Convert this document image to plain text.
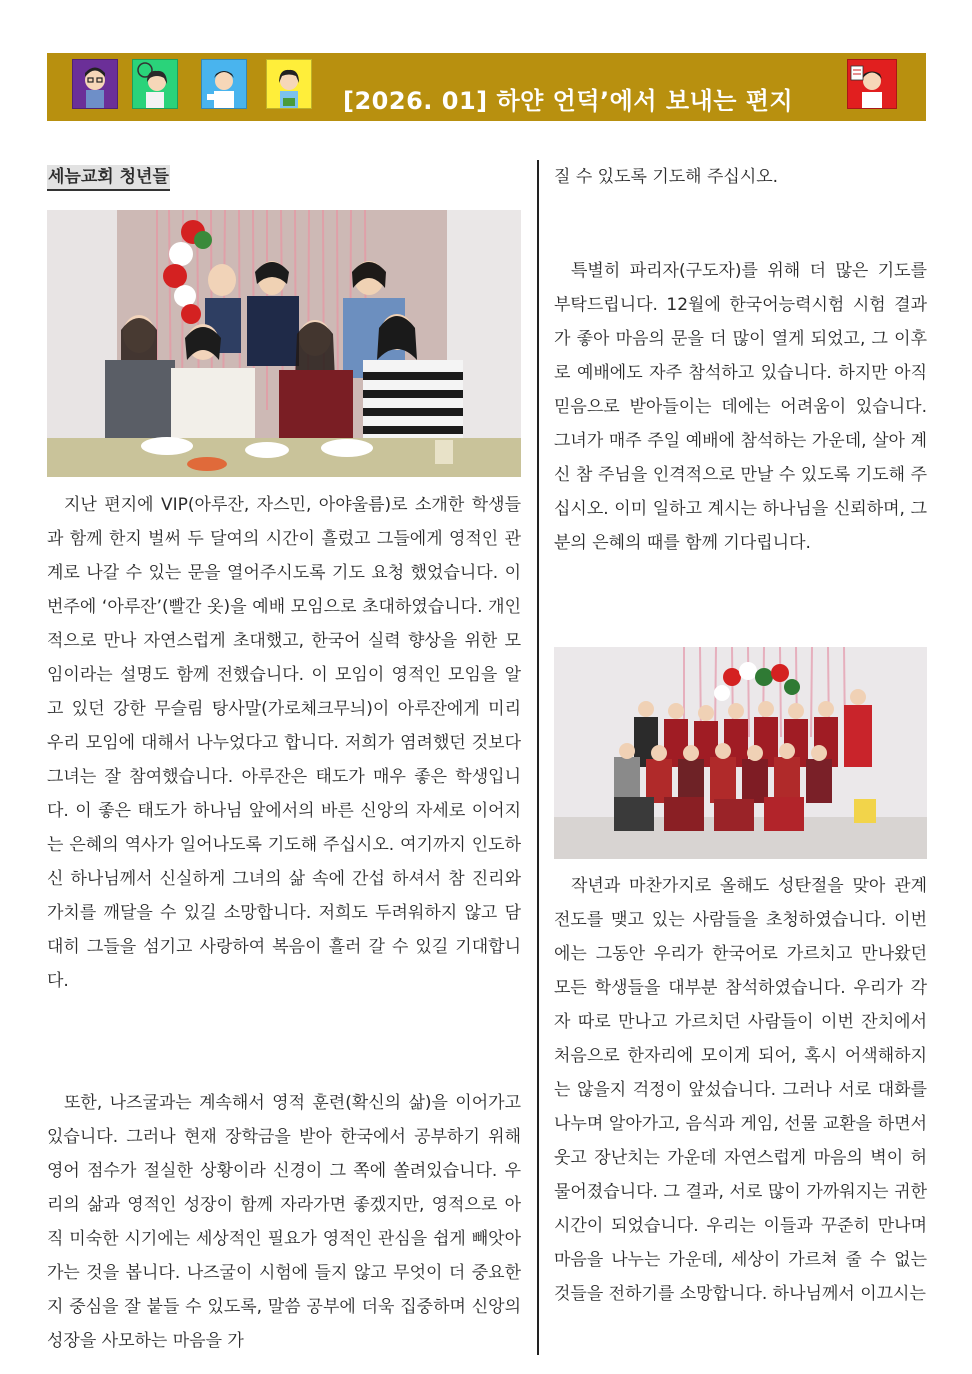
[2026. 01] 하얀 언덕’에서 보내는 편지
세늠교회 청년들

지난 편지에 VIP(아루잔, 자스민, 아야울름)로 소개한 학생들과 함께 한지 벌써 두 달여의 시간이 흘렀고 그들에게 영적인 관계로 나갈 수 있는 문을 열어주시도록 기도 요청 했었습니다. 이번주에 ‘아루잔’(빨간 옷)을 예배 모임으로 초대하였습니다. 개인적으로 만나 자연스럽게 초대했고, 한국어 실력 향상을 위한 모임이라는 설명도 함께 전했습니다. 이 모임이 영적인 모임을 알고 있던 강한 무슬림 탕사말(가로체크무늬)이 아루잔에게 미리 우리 모임에 대해서 나누었다고 합니다. 저희가 염려했던 것보다 그녀는 잘 참여했습니다. 아루잔은 태도가 매우 좋은 학생입니다. 이 좋은 태도가 하나님 앞에서의 바른 신앙의 자세로 이어지는 은혜의 역사가 일어나도록 기도해 주십시오. 여기까지 인도하신 하나님께서 신실하게 그녀의 삶 속에 간섭 하셔서 참 진리와 가치를 깨달을 수 있길 소망합니다. 저희도 두려워하지 않고 담대히 그들을 섬기고 사랑하여 복음이 흘러 갈 수 있길 기대합니다.

또한, 나즈굴과는 계속해서 영적 훈련(확신의 삶)을 이어가고 있습니다. 그러나 현재 장학금을 받아 한국에서 공부하기 위해 영어 점수가 절실한 상황이라 신경이 그 쪽에 쏠려있습니다. 우리의 삶과 영적인 성장이 함께 자라가면 좋겠지만, 영적으로 아직 미숙한 시기에는 세상적인 필요가 영적인 관심을 쉽게 빼앗아 가는 것을 봅니다. 나즈굴이 시험에 들지 않고 무엇이 더 중요한지 중심을 잘 붙들 수 있도록, 말씀 공부에 더욱 집중하며 신앙의 성장을 사모하는 마음을 가

질 수 있도록 기도해 주십시오.

특별히 파리자(구도자)를 위해 더 많은 기도를 부탁드립니다. 12월에 한국어능력시험 시험 결과가 좋아 마음의 문을 더 많이 열게 되었고, 그 이후로 예배에도 자주 참석하고 있습니다. 하지만 아직 믿음으로 받아들이는 데에는 어려움이 있습니다. 그녀가 매주 주일 예배에 참석하는 가운데, 살아 계신 참 주님을 인격적으로 만날 수 있도록 기도해 주십시오. 이미 일하고 계시는 하나님을 신뢰하며, 그분의 은혜의 때를 함께 기다립니다.

작년과 마찬가지로 올해도 성탄절을 맞아 관계 전도를 맺고 있는 사람들을 초청하였습니다. 이번에는 그동안 우리가 한국어로 가르치고 만나왔던 모든 학생들을 대부분 참석하였습니다. 우리가 각자 따로 만나고 가르치던 사람들이 이번 잔치에서 처음으로 한자리에 모이게 되어, 혹시 어색해하지는 않을지 걱정이 앞섰습니다. 그러나 서로 대화를 나누며 알아가고, 음식과 게임, 선물 교환을 하면서 웃고 장난치는 가운데 자연스럽게 마음의 벽이 허물어졌습니다. 그 결과, 서로 많이 가까워지는 귀한 시간이 되었습니다. 우리는 이들과 꾸준히 만나며 마음을 나누는 가운데, 세상이 가르쳐 줄 수 없는 것들을 전하기를 소망합니다. 하나님께서 이끄시는
